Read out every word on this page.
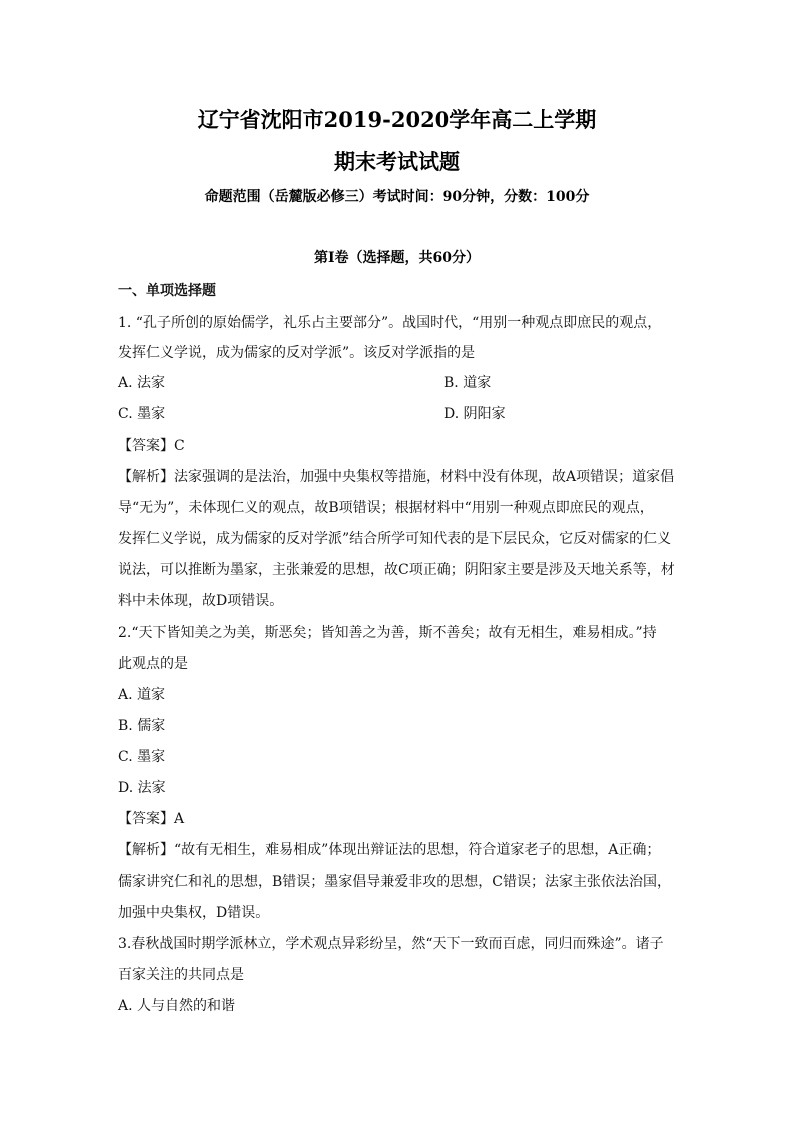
辽宁省沈阳市2019-2020学年高二上学期
期末考试试题
命题范围（岳麓版必修三）考试时间：90分钟，分数：100分
第Ⅰ卷（选择题，共60分）
一、单项选择题
1. “孔子所创的原始儒学，礼乐占主要部分”。战国时代，“用别一种观点即庶民的观点，
发挥仁义学说，成为儒家的反对学派”。该反对学派指的是
A. 法家	B. 道家
C. 墨家	D. 阴阳家
【答案】C
【解析】法家强调的是法治，加强中央集权等措施，材料中没有体现，故A项错误；道家倡
导“无为”，未体现仁义的观点，故B项错误；根据材料中“用别一种观点即庶民的观点，
发挥仁义学说，成为儒家的反对学派”结合所学可知代表的是下层民众，它反对儒家的仁义
说法，可以推断为墨家，主张兼爱的思想，故C项正确；阴阳家主要是涉及天地关系等，材
料中未体现，故D项错误。
2.“天下皆知美之为美，斯恶矣；皆知善之为善，斯不善矣；故有无相生，难易相成。”持
此观点的是
A. 道家
B. 儒家
C. 墨家
D. 法家
【答案】A
【解析】“故有无相生，难易相成”体现出辩证法的思想，符合道家老子的思想，A正确；
儒家讲究仁和礼的思想，B错误；墨家倡导兼爱非攻的思想，C错误；法家主张依法治国，
加强中央集权，D错误。
3.春秋战国时期学派林立，学术观点异彩纷呈，然“天下一致而百虑，同归而殊途”。诸子
百家关注的共同点是
A. 人与自然的和谐
